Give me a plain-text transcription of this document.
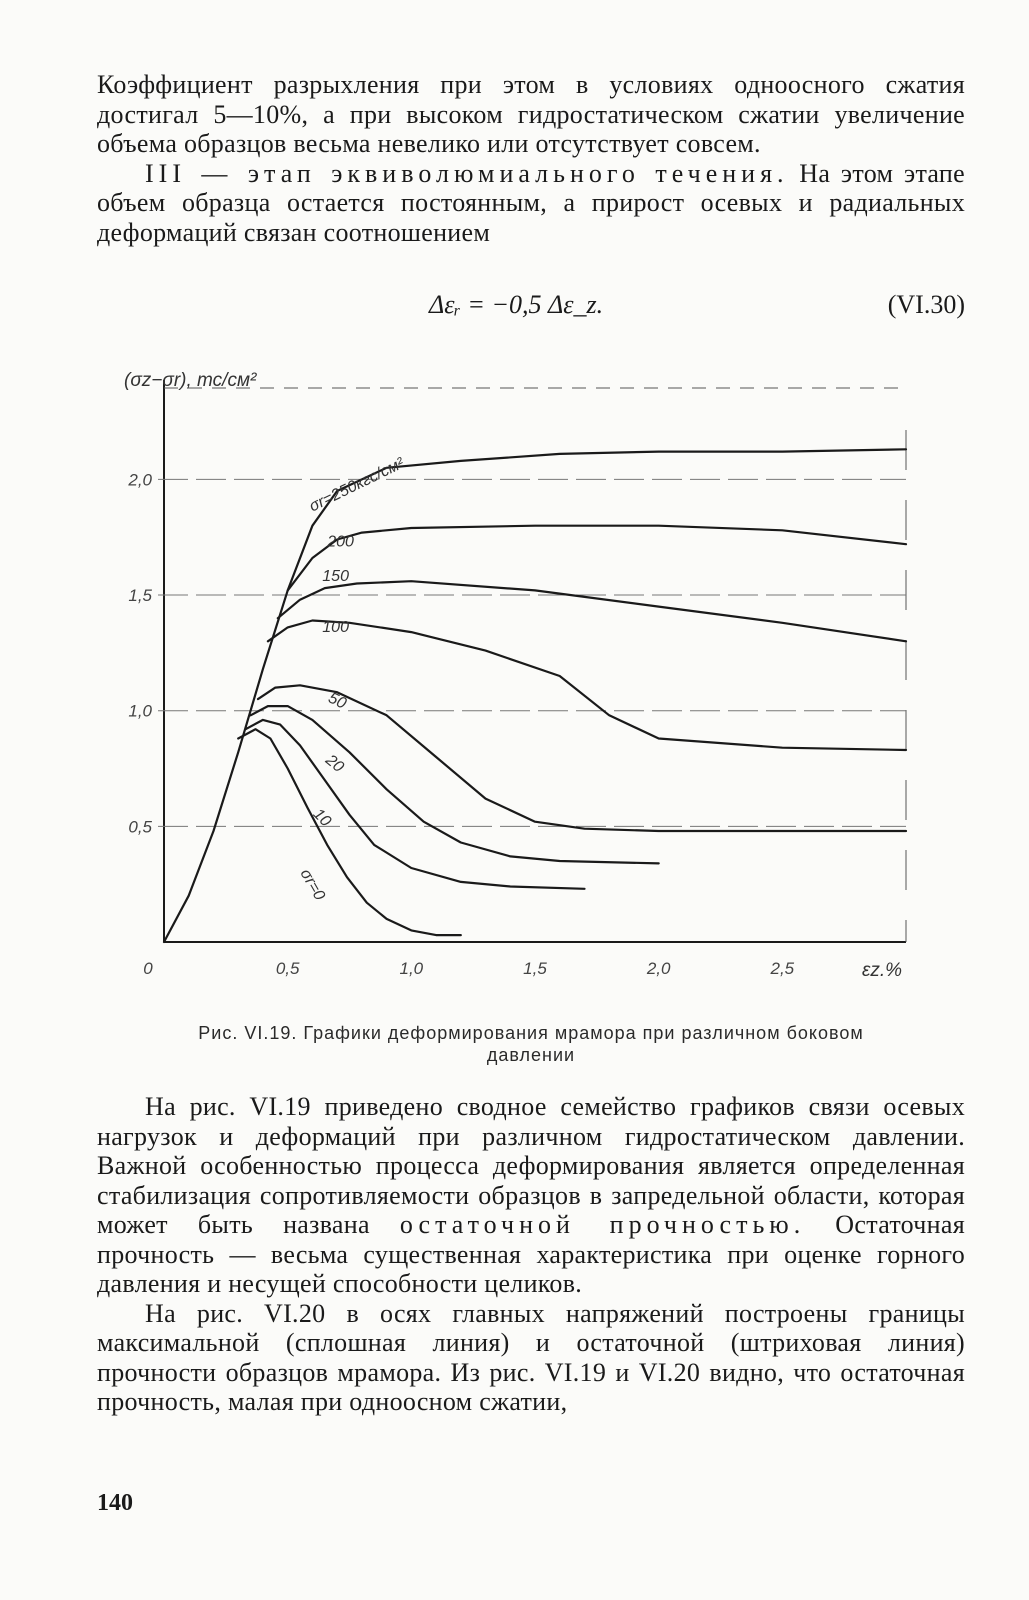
Коэффициент разрыхления при этом в условиях одноосного сжатия достигал 5—10%, а при высоком гидростатическом сжатии увеличение объема образцов весьма невелико или отсутствует совсем.

III — этап эквиволюмиального течения. На этом этапе объем образца остается постоянным, а прирост осевых и радиальных деформаций связан соотношением

Δεᵣ = −0,5 Δε_z.	(VI.30)
0,5
1,0
1,5
2,0
0	0,5	1,0	1,5	2,0	2,5
(σz−σr), тс/см²
εz.%
σr=250кгс/см²
200
150
100
50
20
10
σr=0
Рис. VI.19. Графики деформирования мрамора при различном боковом
давлении

На рис. VI.19 приведено сводное семейство графиков связи осевых нагрузок и деформаций при различном гидростатическом давлении. Важной особенностью процесса деформирования является определенная стабилизация сопротивляемости образцов в запредельной области, которая может быть названа остаточной прочностью. Остаточная прочность — весьма существенная характеристика при оценке горного давления и несущей способности целиков.

На рис. VI.20 в осях главных напряжений построены границы максимальной (сплошная линия) и остаточной (штриховая линия) прочности образцов мрамора. Из рис. VI.19 и VI.20 видно, что остаточная прочность, малая при одноосном сжатии,

140
